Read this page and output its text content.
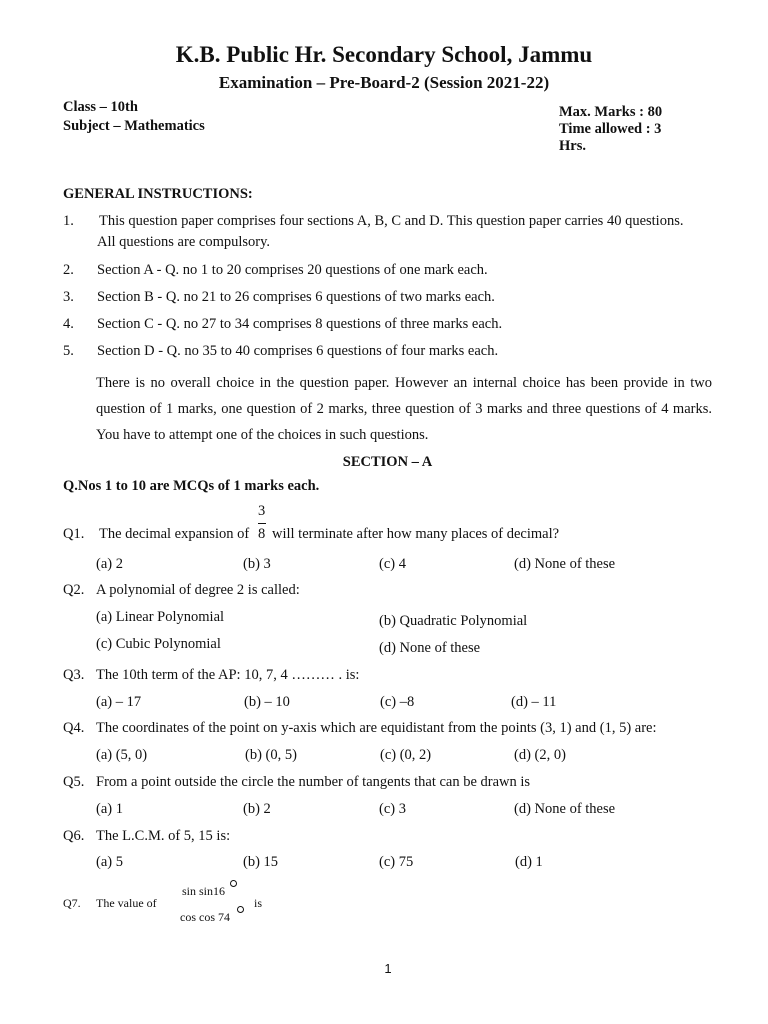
K.B. Public Hr. Secondary School, Jammu
Examination – Pre-Board-2 (Session 2021-22)
Class – 10th
Subject – Mathematics
Max. Marks : 80
Time allowed : 3
Hrs.
GENERAL INSTRUCTIONS:
1. This question paper comprises four sections A, B, C and D. This question paper carries 40 questions.
All questions are compulsory.
2. Section A - Q. no 1 to 20 comprises 20 questions of one mark each.
3. Section B - Q. no 21 to 26 comprises 6 questions of two marks each.
4. Section C - Q. no 27 to 34 comprises 8 questions of three marks each.
5. Section D - Q. no 35 to 40 comprises 6 questions of four marks each.
There is no overall choice in the question paper. However an internal choice has been provide in two question of 1 marks, one question of 2 marks, three question of 3 marks and three questions of 4 marks. You have to attempt one of the choices in such questions.
SECTION – A
Q.Nos 1 to 10 are MCQs of 1 marks each.
3
Q1. The decimal expansion of 8 will terminate after how many places of decimal?
(a) 2	(b) 3	(c) 4	(d) None of these
Q2. A polynomial of degree 2 is called:
(a) Linear Polynomial	(b) Quadratic Polynomial
(c) Cubic Polynomial	(d) None of these
Q3. The 10th term of the AP: 10, 7, 4 ……… . is:
(a) – 17	(b) – 10	(c) –8	(d) – 11
Q4. The coordinates of the point on y-axis which are equidistant from the points (3, 1) and (1, 5) are:
(a) (5, 0)	(b) (0, 5)	(c) (0, 2)	(d) (2, 0)
Q5. From a point outside the circle the number of tangents that can be drawn is
(a) 1	(b) 2	(c) 3	(d) None of these
Q6. The L.C.M. of 5, 15 is:
(a) 5	(b) 15	(c) 75	(d) 1
sin sin16
Q7. The value of	is
cos cos 74
1
